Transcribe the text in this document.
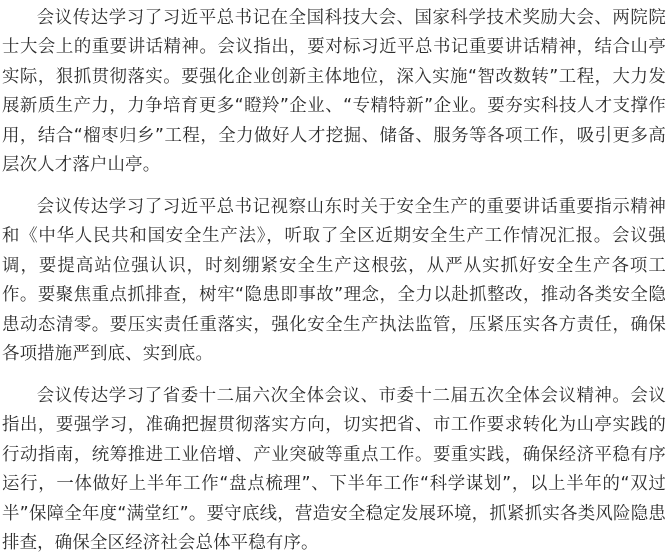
会议传达学习了习近平总书记在全国科技大会、国家科学技术奖励大会、两院院士大会上的重要讲话精神。会议指出，要对标习近平总书记重要讲话精神，结合山亭实际，狠抓贯彻落实。要强化企业创新主体地位，深入实施“智改数转”工程，大力发展新质生产力，力争培育更多“瞪羚”企业、“专精特新”企业。要夯实科技人才支撑作用，结合“榴枣归乡”工程，全力做好人才挖掘、储备、服务等各项工作，吸引更多高层次人才落户山亭。

会议传达学习了习近平总书记视察山东时关于安全生产的重要讲话重要指示精神和《中华人民共和国安全生产法》，听取了全区近期安全生产工作情况汇报。会议强调，要提高站位强认识，时刻绷紧安全生产这根弦，从严从实抓好安全生产各项工作。要聚焦重点抓排查，树牢“隐患即事故”理念，全力以赴抓整改，推动各类安全隐患动态清零。要压实责任重落实，强化安全生产执法监管，压紧压实各方责任，确保各项措施严到底、实到底。

会议传达学习了省委十二届六次全体会议、市委十二届五次全体会议精神。会议指出，要强学习，准确把握贯彻落实方向，切实把省、市工作要求转化为山亭实践的行动指南，统筹推进工业倍增、产业突破等重点工作。要重实践，确保经济平稳有序运行，一体做好上半年工作“盘点梳理”、下半年工作“科学谋划”，以上半年的“双过半”保障全年度“满堂红”。要守底线，营造安全稳定发展环境，抓紧抓实各类风险隐患排查，确保全区经济社会总体平稳有序。
